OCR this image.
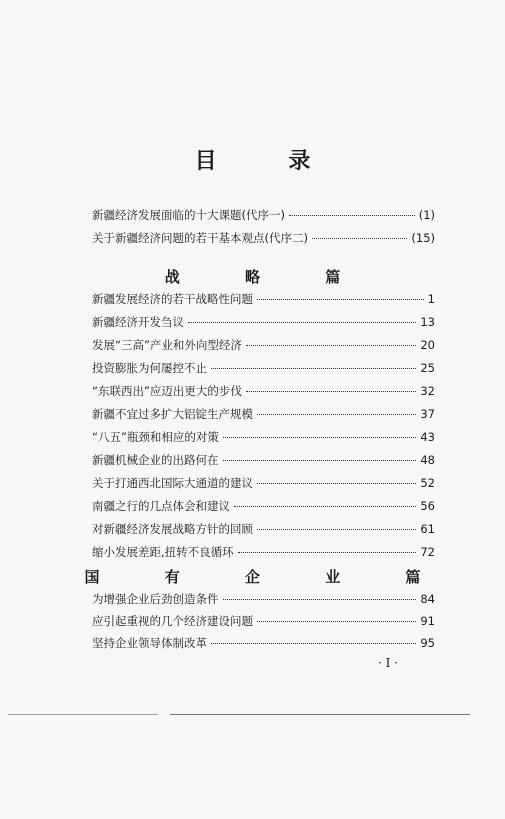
目 录
新疆经济发展面临的十大课题(代序一)	(1)
关于新疆经济问题的若干基本观点(代序二)	(15)
战 略 篇
新疆发展经济的若干战略性问题	1
新疆经济开发刍议	13
发展“三高”产业和外向型经济	20
投资膨胀为何屡控不止	25
“东联西出”应迈出更大的步伐	32
新疆不宜过多扩大铝锭生产规模	37
“八五”瓶颈和相应的对策	43
新疆机械企业的出路何在	48
关于打通西北国际大通道的建议	52
南疆之行的几点体会和建议	56
对新疆经济发展战略方针的回顾	61
缩小发展差距,扭转不良循环	72
国 有 企 业 篇
为增强企业后劲创造条件	84
应引起重视的几个经济建设问题	91
坚持企业领导体制改革	95
· I ·
